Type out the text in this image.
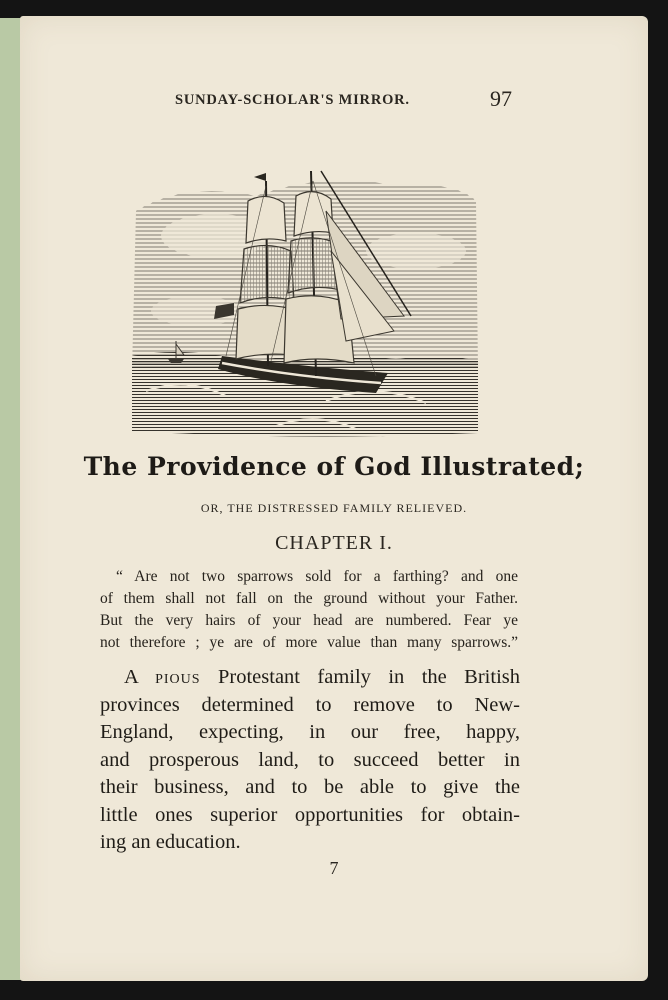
SUNDAY-SCHOLAR'S MIRROR.	97
The Providence of God Illustrated;
OR, THE DISTRESSED FAMILY RELIEVED.
CHAPTER I.
“ Are not two sparrows sold for a farthing? and one
of them shall not fall on the ground without your Father.
But the very hairs of your head are numbered. Fear ye
not therefore ; ye are of more value than many sparrows.”
A pious Protestant family in the British
provinces determined to remove to New-
England, expecting, in our free, happy,
and prosperous land, to succeed better in
their business, and to be able to give the
little ones superior opportunities for obtain-
ing an education.
7
